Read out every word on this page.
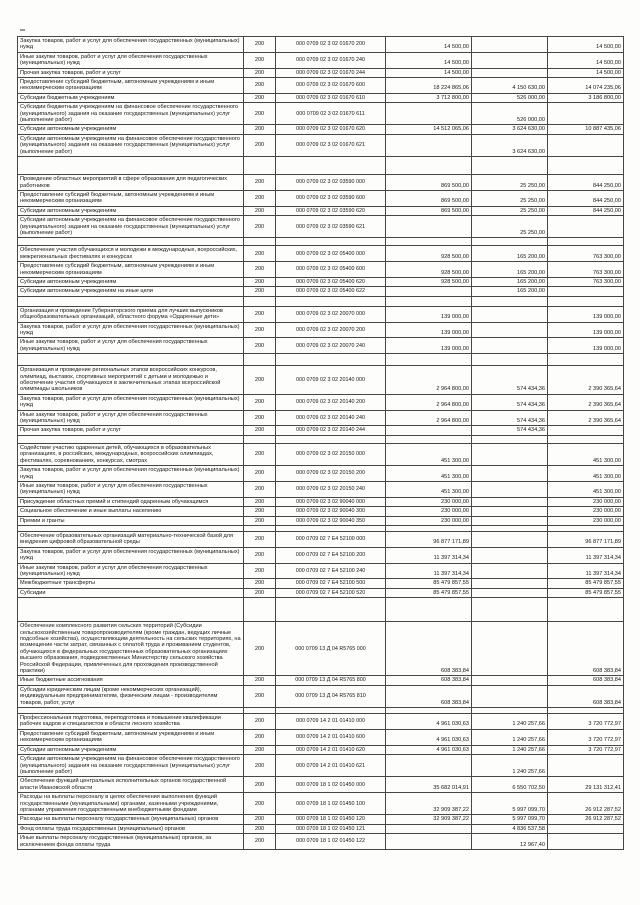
Закупка товаров, работ и услуг для обеспечения государственных (муниципальных) нужд	200	000 0709 02 3 02 01670 200	14 500,00		14 500,00
Иные закупки товаров, работ и услуг для обеспечения государственных (муниципальных) нужд	200	000 0709 02 3 02 01670 240	14 500,00		14 500,00
Прочая закупка товаров, работ и услуг	200	000 0709 02 3 02 01670 244	14 500,00		14 500,00
Предоставление субсидий бюджетным, автономным учреждениям и иным некоммерческим организациям	200	000 0709 02 3 02 01670 600	18 224 865,06	4 150 630,00	14 074 235,06
Субсидии бюджетным учреждениям	200	000 0709 02 3 02 01670 610	3 712 800,00	526 000,00	3 186 800,00
Субсидии бюджетным учреждениям на финансовое обеспечение государственного (муниципального) задания на оказание государственных (муниципальных) услуг (выполнение работ)	200	000 0709 02 3 02 01670 611		526 000,00	
Субсидии автономным учреждениям	200	000 0709 02 3 02 01670 620	14 512 065,06	3 624 630,00	10 887 435,06
Субсидии автономным учреждениям на финансовое обеспечение государственного (муниципального) задания на оказание государственных (муниципальных) услуг (выполнение работ)	200	000 0709 02 3 02 01670 621		3 624 630,00	

Проведение областных мероприятий в сфере образования для педагогических работников	200	000 0709 02 3 02 03590 000	869 500,00	25 250,00	844 250,00
Предоставление субсидий бюджетным, автономным учреждениям и иным некоммерческим организациям	200	000 0709 02 3 02 03590 600	869 500,00	25 250,00	844 250,00
Субсидии автономным учреждениям	200	000 0709 02 3 02 03590 620	869 500,00	25 250,00	844 250,00
Субсидии автономным учреждениям на финансовое обеспечение государственного (муниципального) задания на оказание государственных (муниципальных) услуг (выполнение работ)	200	000 0709 02 3 02 03590 621		25 250,00	

Обеспечение участия обучающихся и молодежи в международных, всероссийских, межрегиональных фестивалях и конкурсах	200	000 0709 02 3 02 05400 000	928 500,00	165 200,00	763 300,00
Предоставление субсидий бюджетным, автономным учреждениям и иным некоммерческим организациям	200	000 0709 02 3 02 05400 600	928 500,00	165 200,00	763 300,00
Субсидии автономным учреждениям	200	000 0709 02 3 02 05400 620	928 500,00	165 200,00	763 300,00
Субсидии автономным учреждениям на иные цели	200	000 0709 02 3 02 05400 622		165 200,00	

Организация и проведение Губернаторского приема для лучших выпускников общеобразовательных организаций, областного форума «Одаренные дети»	200	000 0709 02 3 02 20070 000	139 000,00		139 000,00
Закупка товаров, работ и услуг для обеспечения государственных (муниципальных) нужд	200	000 0709 02 3 02 20070 200	139 000,00		139 000,00
Иные закупки товаров, работ и услуг для обеспечения государственных (муниципальных) нужд	200	000 0709 02 3 02 20070 240	139 000,00		139 000,00

Организация и проведение региональных этапов всероссийских конкурсов, олимпиад, выставок, спортивных мероприятий с детьми и молодежью и обеспечение участия обучающихся в заключительных этапах всероссийской олимпиады школьников	200	000 0709 02 3 02 20140 000	2 964 800,00	574 434,36	2 390 365,64
Закупка товаров, работ и услуг для обеспечения государственных (муниципальных) нужд	200	000 0709 02 3 02 20140 200	2 964 800,00	574 434,36	2 390 365,64
Иные закупки товаров, работ и услуг для обеспечения государственных (муниципальных) нужд	200	000 0709 02 3 02 20140 240	2 964 800,00	574 434,36	2 390 365,64
Прочая закупка товаров, работ и услуг	200	000 0709 02 3 02 20140 244		574 434,36	

Содействие участию одаренных детей, обучающихся в образовательных организациях, в российских, международных, всероссийских олимпиадах, фестивалях, соревнованиях, конкурсах, смотрах	200	000 0709 02 3 02 20150 000	451 300,00		451 300,00
Закупка товаров, работ и услуг для обеспечения государственных (муниципальных) нужд	200	000 0709 02 3 02 20150 200	451 300,00		451 300,00
Иные закупки товаров, работ и услуг для обеспечения государственных (муниципальных) нужд	200	000 0709 02 3 02 20150 240	451 300,00		451 300,00
Присуждение областных премий и стипендий одаренным обучающимся	200	000 0709 02 3 02 90040 000	230 000,00		230 000,00
Социальное обеспечение и иные выплаты населению	200	000 0709 02 3 02 90040 300	230 000,00		230 000,00
Премии и гранты	200	000 0709 02 3 02 90040 350	230 000,00		230 000,00

Обеспечение образовательных организаций материально-технической базой для внедрения цифровой образовательной среды	200	000 0709 02 7 Е4 52100 000	96 877 171,89		96 877 171,89
Закупка товаров, работ и услуг для обеспечения государственных (муниципальных) нужд	200	000 0709 02 7 Е4 52100 200	11 397 314,34		11 397 314,34
Иные закупки товаров, работ и услуг для обеспечения государственных (муниципальных) нужд	200	000 0709 02 7 Е4 52100 240	11 397 314,34		11 397 314,34
Межбюджетные трансферты	200	000 0709 02 7 Е4 52100 500	85 479 857,55		85 479 857,55
Субсидии	200	000 0709 02 7 Е4 52100 520	85 479 857,55		85 479 857,55

Обеспечение комплексного развития сельских территорий (Субсидии сельскохозяйственным товаропроизводителям (кроме граждан, ведущих личные подсобные хозяйства), осуществляющим деятельность на сельских территориях, на возмещение части затрат, связанных с оплатой труда и проживанием студентов, обучающихся в федеральных государственных образовательных организациях высшего образования, подведомственных Министерству сельского хозяйства Российской Федерации, привлеченных для прохождения производственной практики)	200	000 0709 13 Д 04 R5765 000	608 383,84		608 383,84
Иные бюджетные ассигнования	200	000 0709 13 Д 04 R5765 800	608 383,84		608 383,84
Субсидии юридическим лицам (кроме некоммерческих организаций), индивидуальным предпринимателям, физическим лицам - производителям товаров, работ, услуг	200	000 0709 13 Д 04 R5765 810	608 383,84		608 383,84

Профессиональная подготовка, переподготовка и повышение квалификации рабочих кадров и специалистов в области лесного хозяйства	200	000 0709 14 2 01 01410 000	4 961 030,63	1 240 257,66	3 720 772,97
Предоставление субсидий бюджетным, автономным учреждениям и иным некоммерческим организациям	200	000 0709 14 2 01 01410 600	4 961 030,63	1 240 257,66	3 720 772,97
Субсидии автономным учреждениям	200	000 0709 14 2 01 01410 620	4 961 030,63	1 240 257,66	3 720 772,97
Субсидии автономным учреждениям на финансовое обеспечение государственного (муниципального) задания на оказание государственных (муниципальных) услуг (выполнение работ)	200	000 0709 14 2 01 01410 621		1 240 257,66	
Обеспечение функций центральных исполнительных органов государственной власти Ивановской области	200	000 0709 18 1 02 01450 000	35 682 014,91	6 550 702,50	29 131 312,41
Расходы на выплаты персоналу в целях обеспечения выполнения функций государственными (муниципальными) органами, казенными учреждениями, органами управления государственными внебюджетными фондами	200	000 0709 18 1 02 01450 100	32 909 387,22	5 997 099,70	26 912 287,52
Расходы на выплаты персоналу государственных (муниципальных) органов	200	000 0709 18 1 02 01450 120	32 909 387,22	5 997 099,70	26 912 287,52
Фонд оплаты труда государственных (муниципальных) органов	200	000 0709 18 1 02 01450 121		4 836 537,58	
Иные выплаты персоналу государственных (муниципальных) органов, за исключением фонда оплаты труда	200	000 0709 18 1 02 01450 122		12 967,40	
